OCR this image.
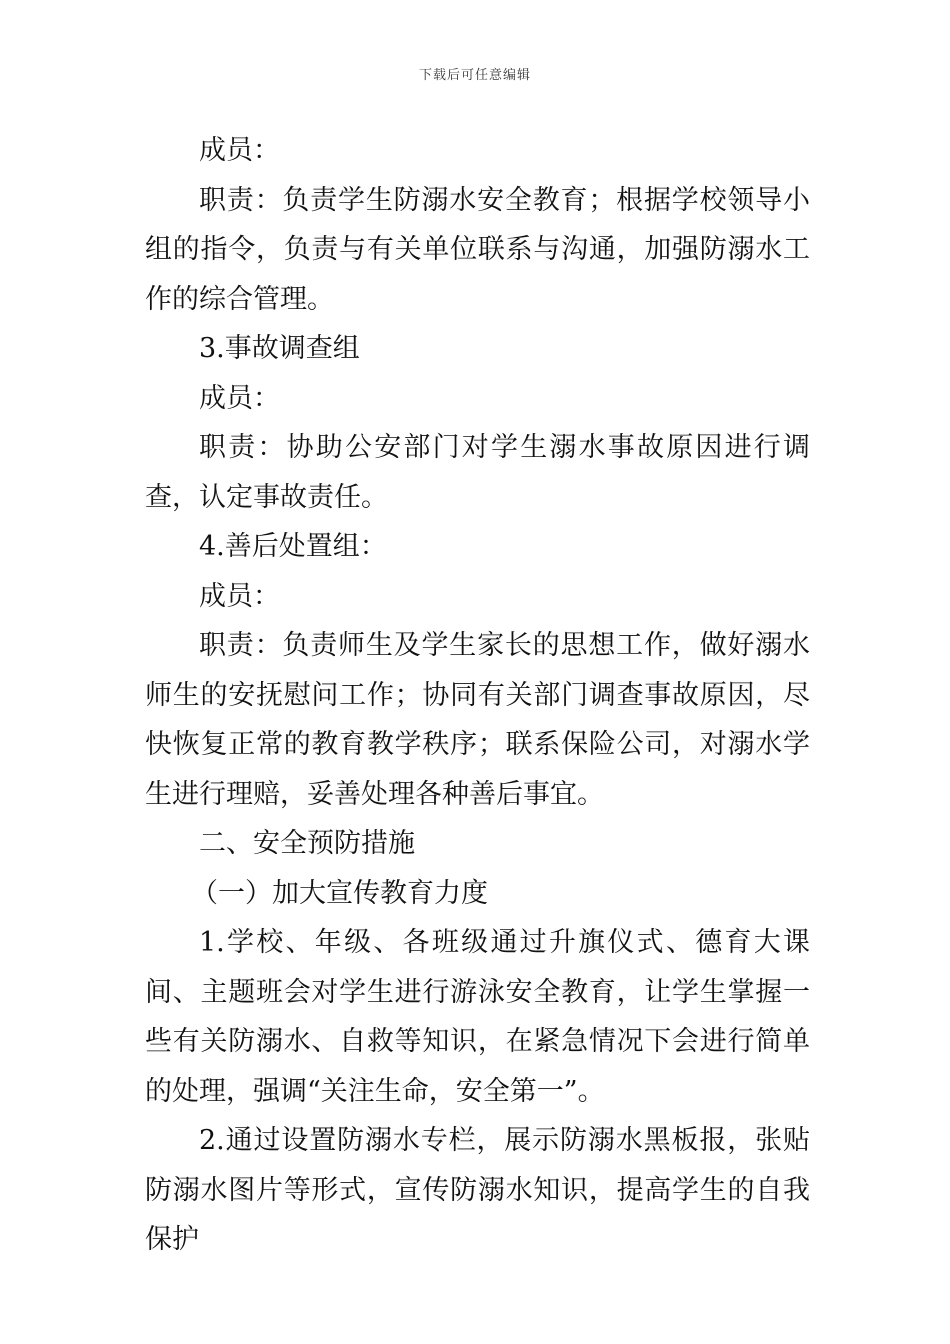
下载后可任意编辑

成员：

职责：负责学生防溺水安全教育；根据学校领导小组的指令，负责与有关单位联系与沟通，加强防溺水工作的综合管理。

3.事故调查组

成员：

职责：协助公安部门对学生溺水事故原因进行调查，认定事故责任。

4.善后处置组：

成员：

职责：负责师生及学生家长的思想工作，做好溺水师生的安抚慰问工作；协同有关部门调查事故原因，尽快恢复正常的教育教学秩序；联系保险公司，对溺水学生进行理赔，妥善处理各种善后事宜。

二、安全预防措施

（一）加大宣传教育力度

1.学校、年级、各班级通过升旗仪式、德育大课间、主题班会对学生进行游泳安全教育，让学生掌握一些有关防溺水、自救等知识，在紧急情况下会进行简单的处理，强调“关注生命，安全第一”。

2.通过设置防溺水专栏，展示防溺水黑板报，张贴防溺水图片等形式，宣传防溺水知识，提高学生的自我保护
